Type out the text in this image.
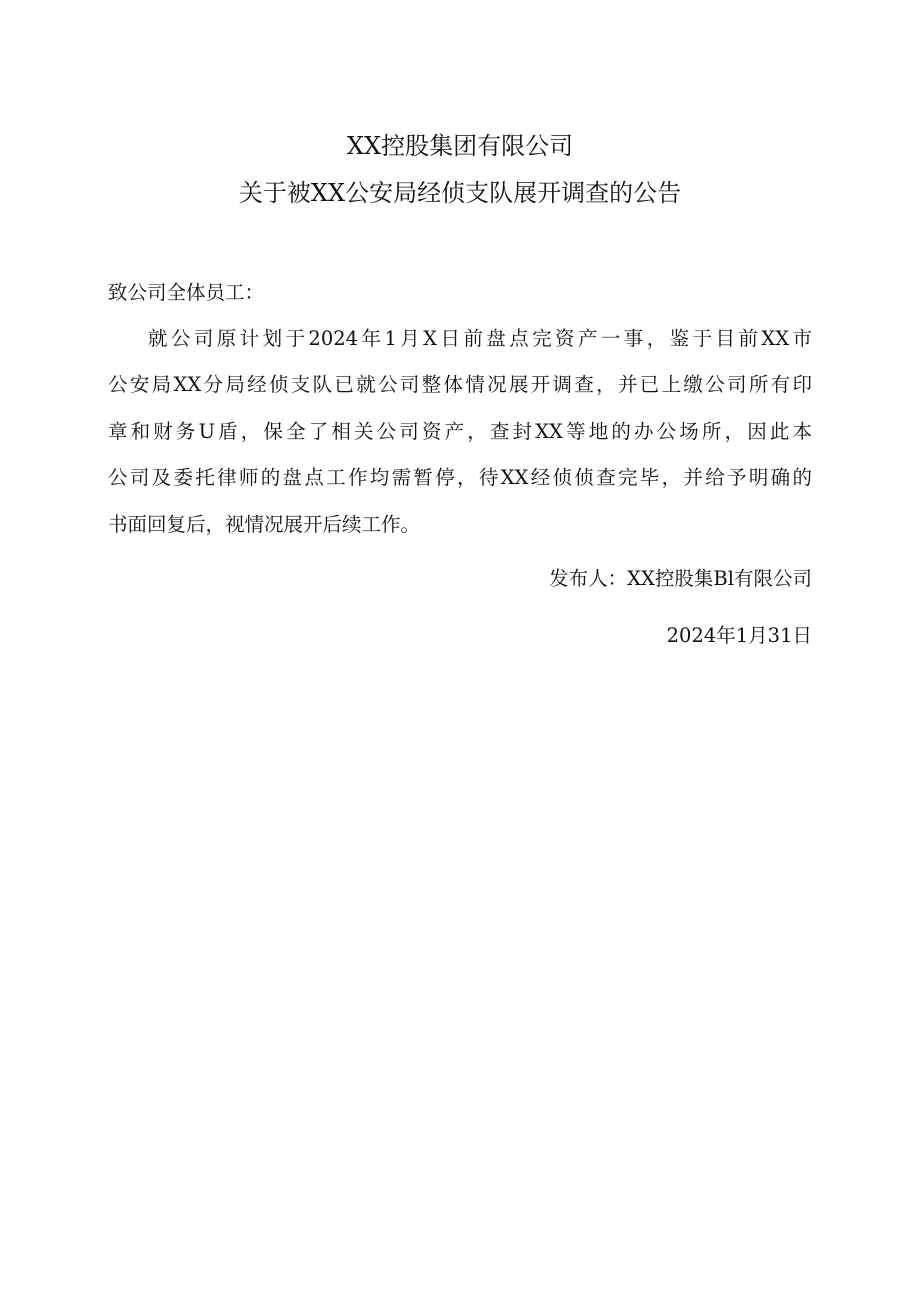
XX控股集团有限公司
关于被XX公安局经侦支队展开调查的公告
致公司全体员工：
就公司原计划于2024年1月X日前盘点完资产一事，鉴于目前XX市
公安局XX分局经侦支队已就公司整体情况展开调查，并已上缴公司所有印
章和财务U盾，保全了相关公司资产，查封XX等地的办公场所，因此本
公司及委托律师的盘点工作均需暂停，待XX经侦侦查完毕，并给予明确的
书面回复后，视情况展开后续工作。
发布人：XX控股集Bl有限公司
2024年1月31日
